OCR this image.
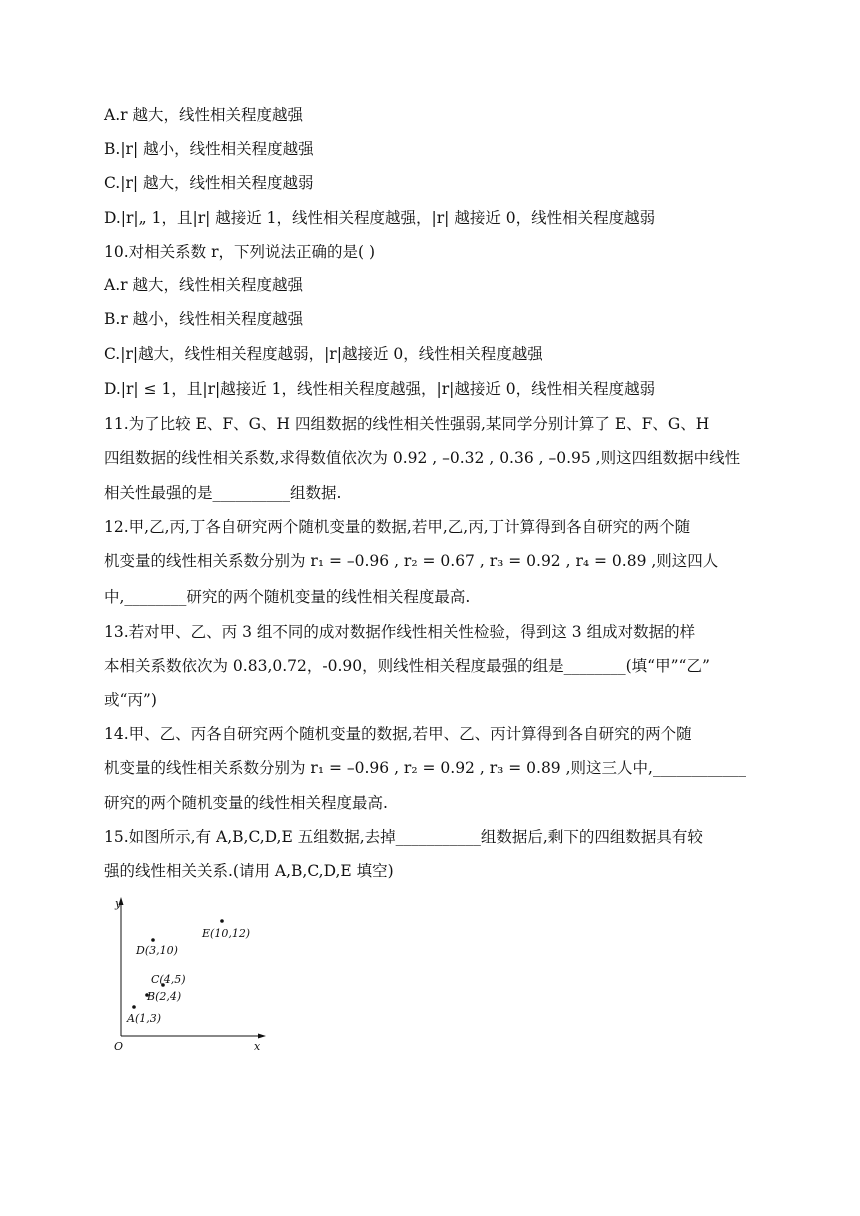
A.r 越大，线性相关程度越强
B.|r| 越小，线性相关程度越强
C.|r| 越大，线性相关程度越弱
D.|r|„ 1，且|r| 越接近 1，线性相关程度越强，|r| 越接近 0，线性相关程度越弱
10.对相关系数 r，下列说法正确的是( )
A.r 越大，线性相关程度越强
B.r 越小，线性相关程度越强
C.|r|越大，线性相关程度越弱，|r|越接近 0，线性相关程度越强
D.|r| ≤ 1，且|r|越接近 1，线性相关程度越强，|r|越接近 0，线性相关程度越弱
11.为了比较 E、F、G、H 四组数据的线性相关性强弱,某同学分别计算了 E、F、G、H
四组数据的线性相关系数,求得数值依次为 0.92 , –0.32 , 0.36 , –0.95 ,则这四组数据中线性
相关性最强的是__________组数据.
12.甲,乙,丙,丁各自研究两个随机变量的数据,若甲,乙,丙,丁计算得到各自研究的两个随
机变量的线性相关系数分别为 r₁ = –0.96 , r₂ = 0.67 , r₃ = 0.92 , r₄ = 0.89 ,则这四人
中,________研究的两个随机变量的线性相关程度最高.
13.若对甲、乙、丙 3 组不同的成对数据作线性相关性检验，得到这 3 组成对数据的样
本相关系数依次为 0.83,0.72，-0.90，则线性相关程度最强的组是________(填“甲”“乙”
或“丙”)
14.甲、乙、丙各自研究两个随机变量的数据,若甲、乙、丙计算得到各自研究的两个随
机变量的线性相关系数分别为 r₁ = –0.96 , r₂ = 0.92 , r₃ = 0.89 ,则这三人中,____________
研究的两个随机变量的线性相关程度最高.
15.如图所示,有 A,B,C,D,E 五组数据,去掉___________组数据后,剩下的四组数据具有较
强的线性相关关系.(请用 A,B,C,D,E 填空)
y
x
O
A(1,3)
B(2,4)
C(4,5)
D(3,10)
E(10,12)
